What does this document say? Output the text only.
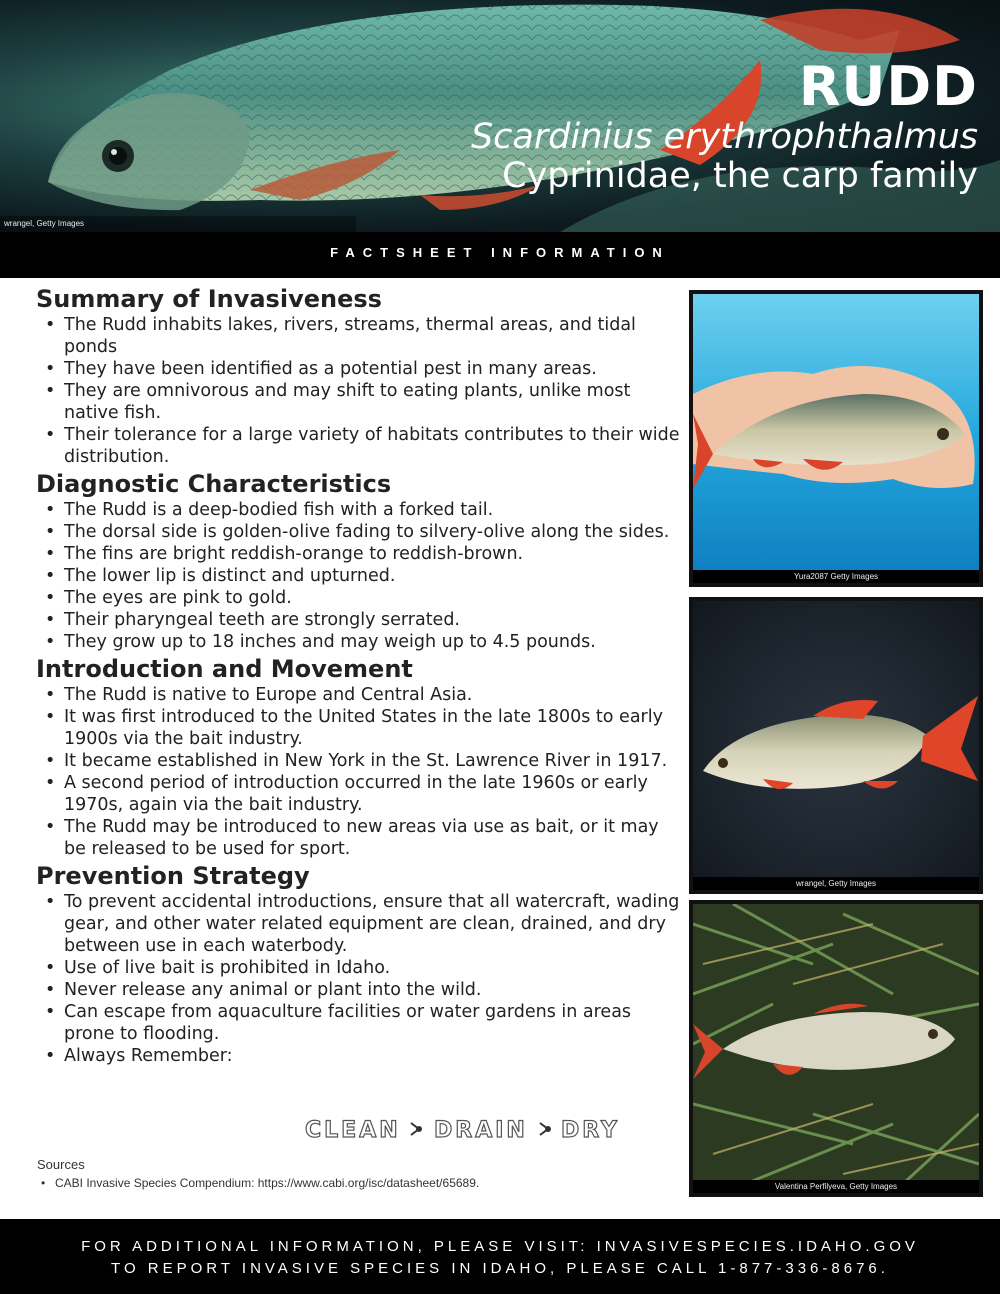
RUDD
Scardinius erythrophthalmus
Cyprinidae, the carp family
wrangel, Getty Images
FACTSHEET INFORMATION
Summary of Invasiveness
• The Rudd inhabits lakes, rivers, streams, thermal areas, and tidal ponds
• They have been identified as a potential pest in many areas.
• They are omnivorous and may shift to eating plants, unlike most native fish.
• Their tolerance for a large variety of habitats contributes to their wide distribution.
Diagnostic Characteristics
• The Rudd is a deep-bodied fish with a forked tail.
• The dorsal side is golden-olive fading to silvery-olive along the sides.
• The fins are bright reddish-orange to reddish-brown.
• The lower lip is distinct and upturned.
• The eyes are pink to gold.
• Their pharyngeal teeth are strongly serrated.
• They grow up to 18 inches and may weigh up to 4.5 pounds.
Introduction and Movement
• The Rudd is native to Europe and Central Asia.
• It was first introduced to the United States in the late 1800s to early 1900s via the bait industry.
• It became established in New York in the St. Lawrence River in 1917.
• A second period of introduction occurred in the late 1960s or early 1970s, again via the bait industry.
• The Rudd may be introduced to new areas via use as bait, or it may be released to be used for sport.
Prevention Strategy
• To prevent accidental introductions, ensure that all watercraft, wading gear, and other water related equipment are clean, drained, and dry between use in each waterbody.
• Use of live bait is prohibited in Idaho.
• Never release any animal or plant into the wild.
• Can escape from aquaculture facilities or water gardens in areas prone to flooding.
• Always Remember:
CLEAN DRAIN DRY
Sources
• CABI Invasive Species Compendium: https://www.cabi.org/isc/datasheet/65689.
Yura2087 Getty Images
wrangel, Getty Images
Valentina Perfilyeva, Getty Images
FOR ADDITIONAL INFORMATION, PLEASE VISIT: INVASIVESPECIES.IDAHO.GOV
TO REPORT INVASIVE SPECIES IN IDAHO, PLEASE CALL 1-877-336-8676.
